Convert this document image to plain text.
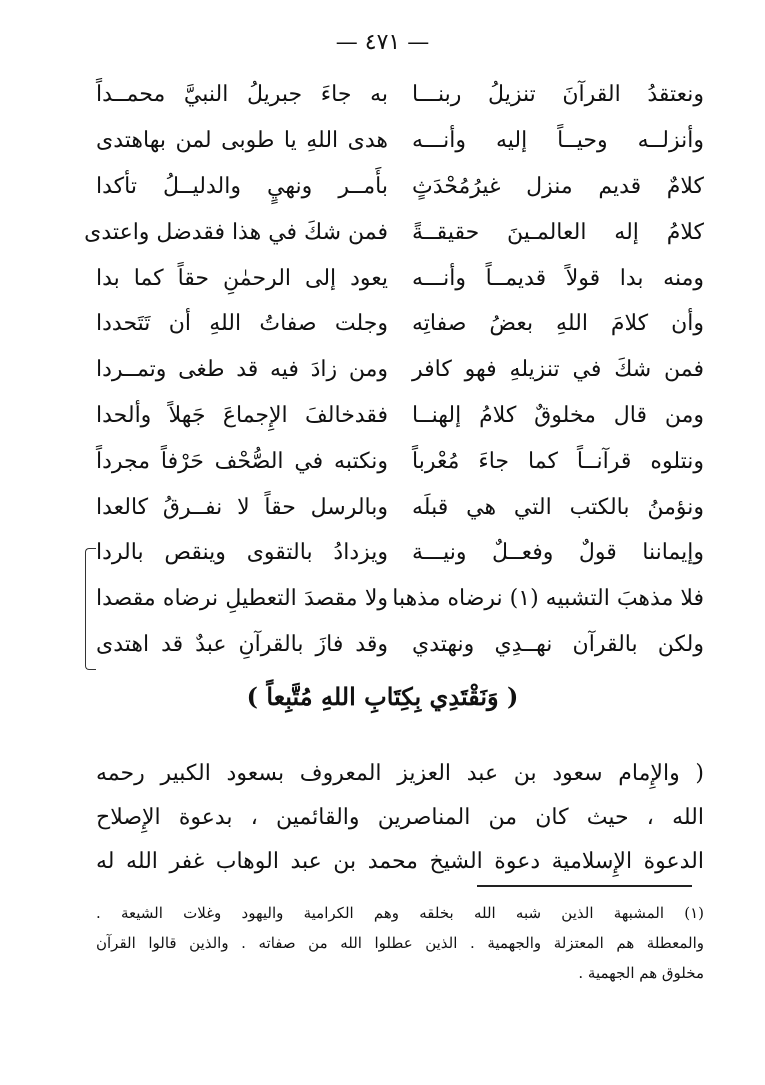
— ٤٧١ —
ونعتقدُ القرآنَ تنزيلُ ربنـــا
به جاءَ جبريلُ النبيَّ محمــداً
وأنزلــه وحيــاً إليه وأنـــه
هدى اللهِ يا طوبى لمن بهاهتدى
كلامٌ قديم منزل غيرُمُحْدَثٍ
بأَمــر ونهيٍ والدليــلُ تأكدا
كلامُ إله العالمـينَ حقيقــةً
فمن شكَ في هذا فقدضل واعتدى
ومنه بدا قولاً قديمــاً وأنـــه
يعود إلى الرحمٰنِ حقاً كما بدا
وأن كلامَ اللهِ بعضُ صفاتِه
وجلت صفاتُ اللهِ أن تَتَحددا
فمن شكَ في تنزيلهِ فهو كافر
ومن زادَ فيه قد طغى وتمــردا
ومن قال مخلوقٌ كلامُ إلهنــا
فقدخالفَ الإِجماعَ جَهلاً وألحدا
ونتلوه قرآنــاً كما جاءَ مُعْرباً
ونكتبه في الصُّحْف حَرْفاً مجرداً
ونؤمنُ بالكتب التي هي قبلَه
وبالرسل حقاً لا نفــرقُ كالعدا
وإيماننا قولٌ وفعــلٌ ونيـــة
ويزدادُ بالتقوى وينقص بالردا
فلا مذهبَ التشبيه (١) نرضاه مذهبا
ولا مقصدَ التعطيلِ نرضاه مقصدا
ولكن بالقرآن نهــدِي ونهتدي
وقد فازَ بالقرآنِ عبدٌ قد اهتدى
( وَنَقْتَدِي بِكِتَابِ اللهِ مُتَّبِعاً )
( والإِمام سعود بن عبد العزيز المعروف بسعود الكبير رحمه
الله ، حيث كان من المناصرين والقائمين ، بدعوة الإِصلاح
الدعوة الإِسلامية دعوة الشيخ محمد بن عبد الوهاب غفر الله له
(١) المشبهة الذين شبه الله بخلقه وهم الكرامية واليهود وغلات الشيعة .
والمعطلة هم المعتزلة والجهمية . الذين عطلوا الله من صفاته . والذين قالوا القرآن
مخلوق هم الجهمية .
